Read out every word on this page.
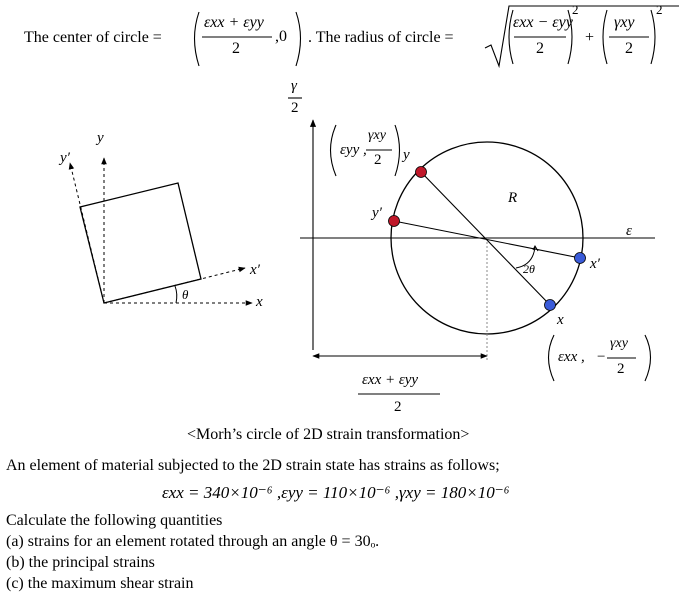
The center of circle =
εxx + εyy
2
,0 . The radius of circle =
εxx − εyy
2
2
+
γxy
2
2
y
y′
x
x′
θ
γ
2
ε
R
2θ
εyy ,
γxy
2 y
y′
x′
x
εxx , −
γxy
2
εxx + εyy
2
<Morh’s circle of 2D strain transformation>
An element of material subjected to the 2D strain state has strains as follows;
εxx = 340×10⁻⁶ ,εyy = 110×10⁻⁶ ,γxy = 180×10⁻⁶
Calculate the following quantities
(a) strains for an element rotated through an angle θ = 30ₒ.
(b) the principal strains
(c) the maximum shear strain
